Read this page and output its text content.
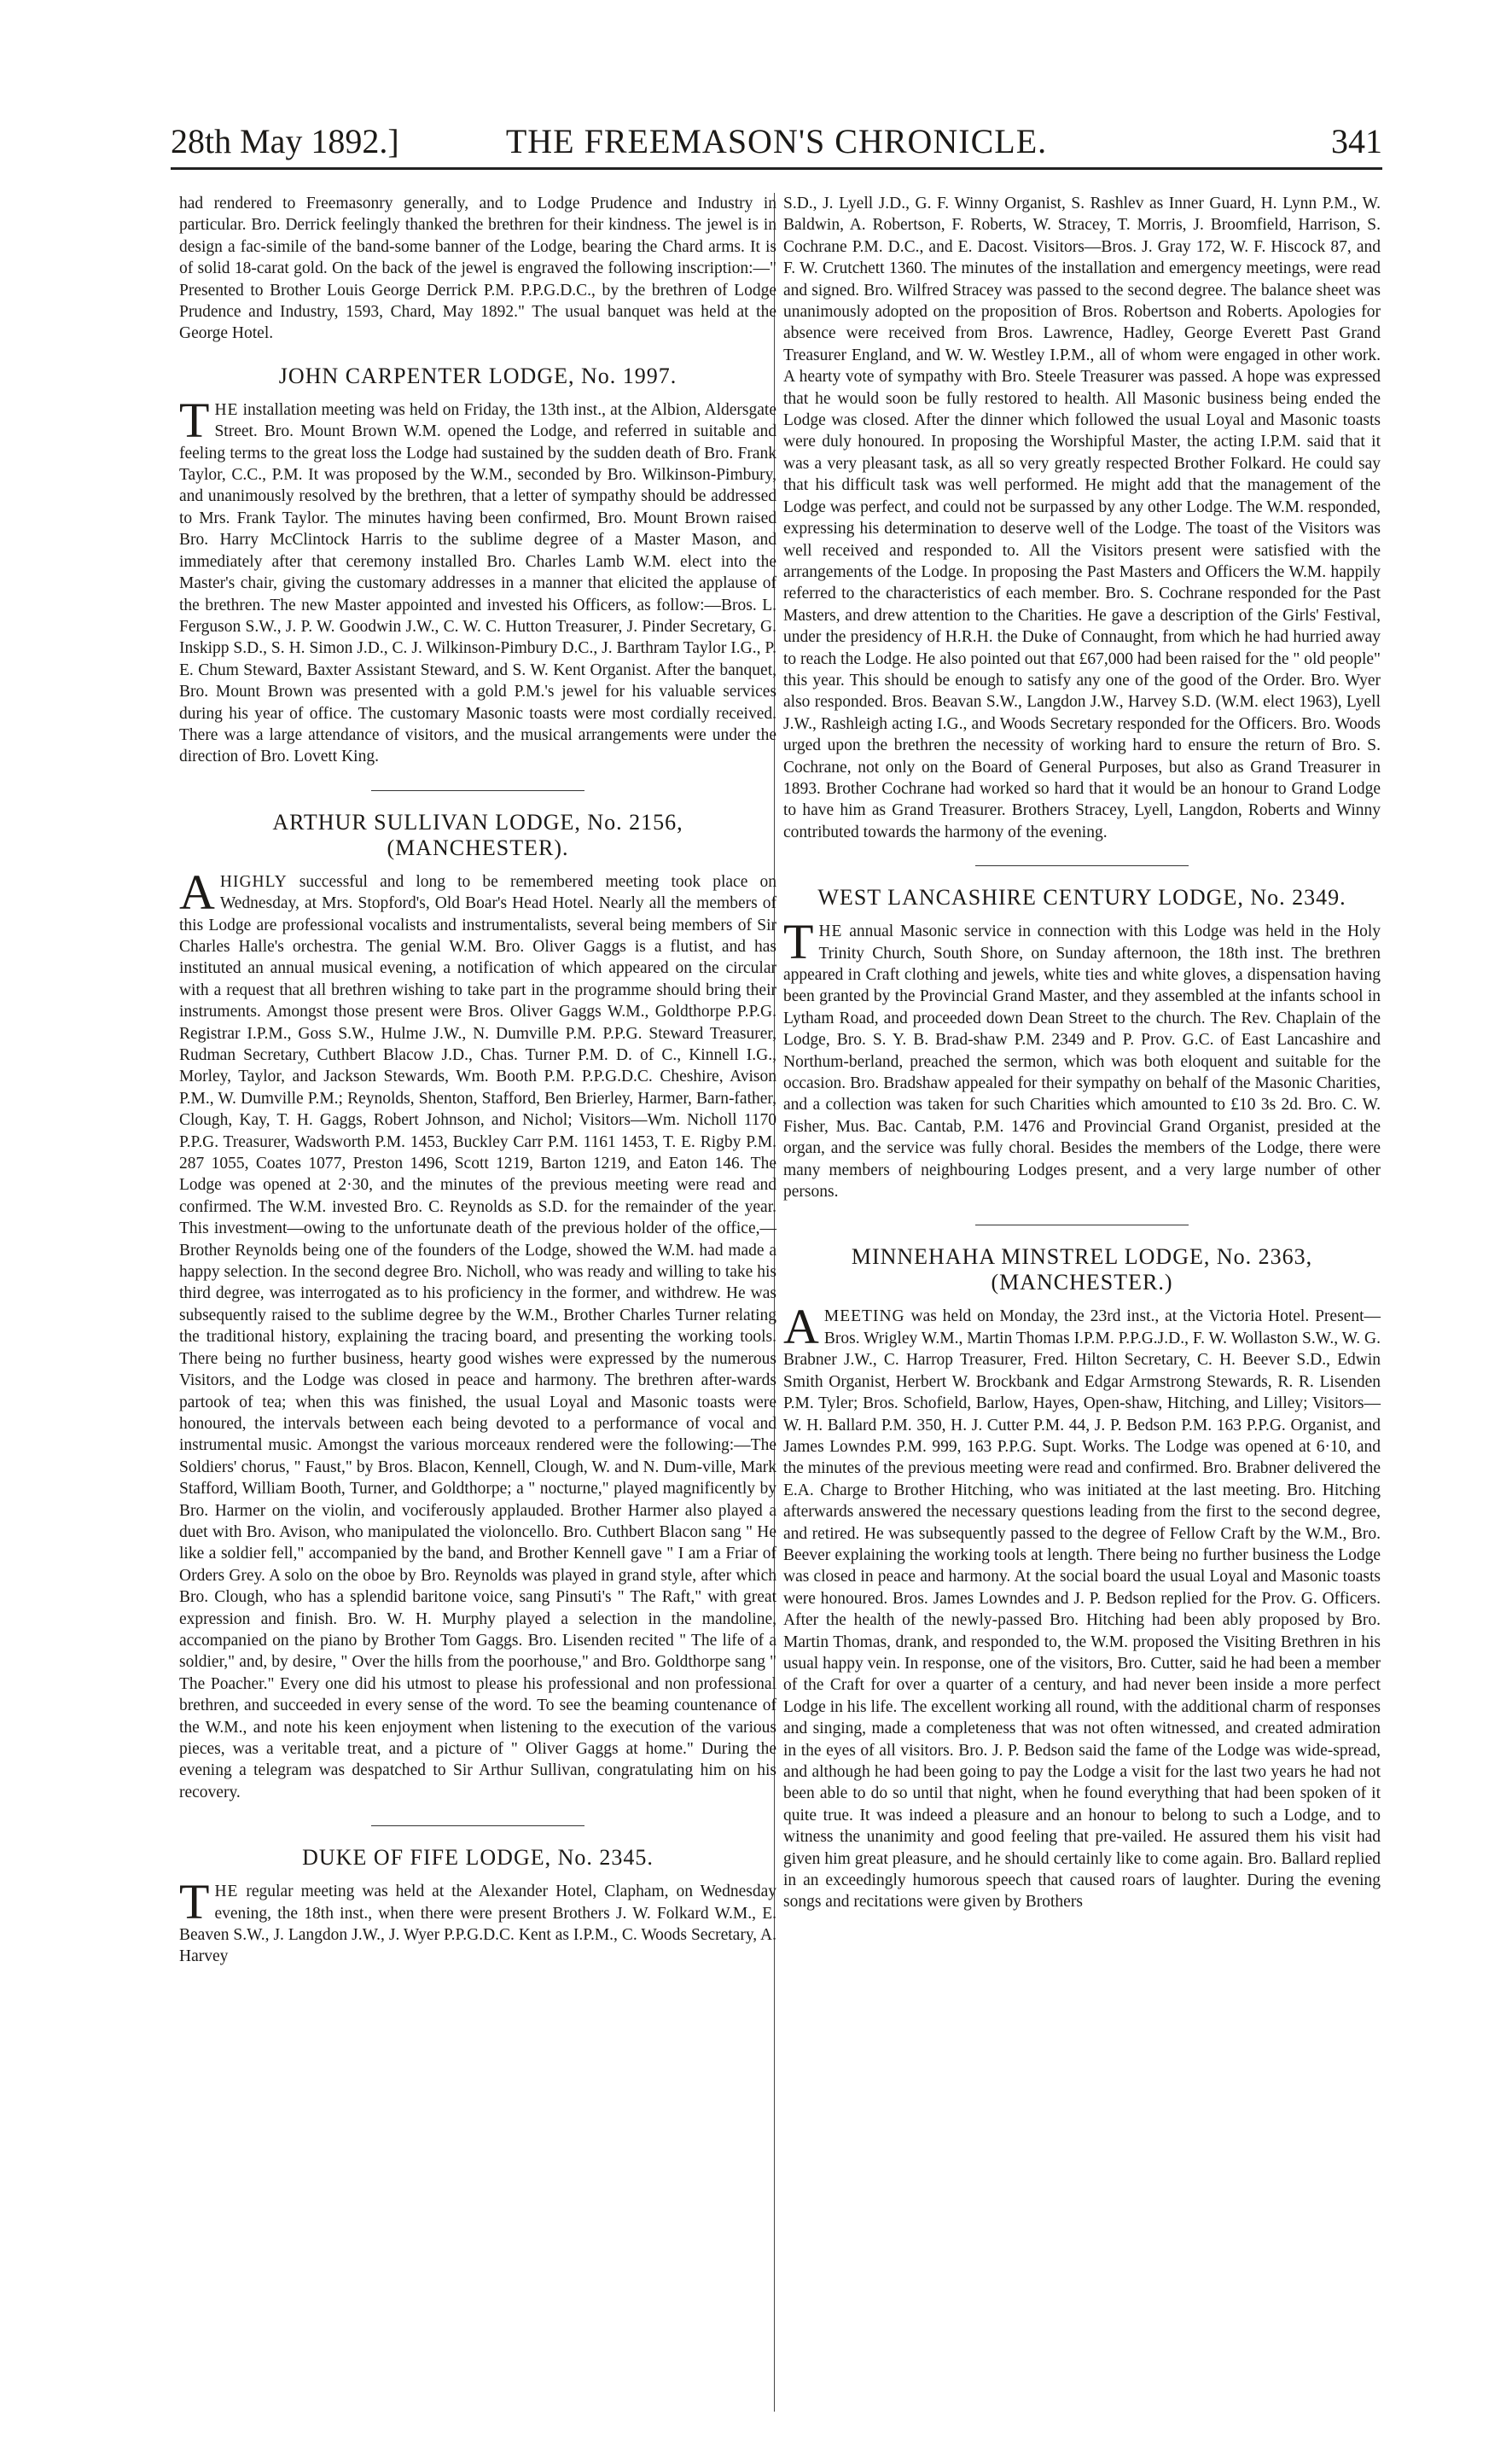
28th May 1892.]	THE FREEMASON'S CHRONICLE.	341

had rendered to Freemasonry generally, and to Lodge Prudence and Industry in particular. Bro. Derrick feelingly thanked the brethren for their kindness. The jewel is in design a fac-simile of the band-some banner of the Lodge, bearing the Chard arms. It is of solid 18-carat gold. On the back of the jewel is engraved the following inscription:—" Presented to Brother Louis George Derrick P.M. P.P.G.D.C., by the brethren of Lodge Prudence and Industry, 1593, Chard, May 1892." The usual banquet was held at the George Hotel.

JOHN CARPENTER LODGE, No. 1997.

THE installation meeting was held on Friday, the 13th inst., at the Albion, Aldersgate Street. Bro. Mount Brown W.M. opened the Lodge, and referred in suitable and feeling terms to the great loss the Lodge had sustained by the sudden death of Bro. Frank Taylor, C.C., P.M. It was proposed by the W.M., seconded by Bro. Wilkinson-Pimbury, and unanimously resolved by the brethren, that a letter of sympathy should be addressed to Mrs. Frank Taylor. The minutes having been confirmed, Bro. Mount Brown raised Bro. Harry McClintock Harris to the sublime degree of a Master Mason, and immediately after that ceremony installed Bro. Charles Lamb W.M. elect into the Master's chair, giving the customary addresses in a manner that elicited the applause of the brethren. The new Master appointed and invested his Officers, as follow:—Bros. L. Ferguson S.W., J. P. W. Goodwin J.W., C. W. C. Hutton Treasurer, J. Pinder Secretary, G. Inskipp S.D., S. H. Simon J.D., C. J. Wilkinson-Pimbury D.C., J. Barthram Taylor I.G., P. E. Chum Steward, Baxter Assistant Steward, and S. W. Kent Organist. After the banquet, Bro. Mount Brown was presented with a gold P.M.'s jewel for his valuable services during his year of office. The customary Masonic toasts were most cordially received. There was a large attendance of visitors, and the musical arrangements were under the direction of Bro. Lovett King.

ARTHUR SULLIVAN LODGE, No. 2156,
(MANCHESTER).

AHIGHLY successful and long to be remembered meeting took place on Wednesday, at Mrs. Stopford's, Old Boar's Head Hotel. Nearly all the members of this Lodge are professional vocalists and instrumentalists, several being members of Sir Charles Halle's orchestra. The genial W.M. Bro. Oliver Gaggs is a flutist, and has instituted an annual musical evening, a notification of which appeared on the circular with a request that all brethren wishing to take part in the programme should bring their instruments. Amongst those present were Bros. Oliver Gaggs W.M., Goldthorpe P.P.G. Registrar I.P.M., Goss S.W., Hulme J.W., N. Dumville P.M. P.P.G. Steward Treasurer, Rudman Secretary, Cuthbert Blacow J.D., Chas. Turner P.M. D. of C., Kinnell I.G., Morley, Taylor, and Jackson Stewards, Wm. Booth P.M. P.P.G.D.C. Cheshire, Avison P.M., W. Dumville P.M.; Reynolds, Shenton, Stafford, Ben Brierley, Harmer, Barn-father, Clough, Kay, T. H. Gaggs, Robert Johnson, and Nichol; Visitors—Wm. Nicholl 1170 P.P.G. Treasurer, Wadsworth P.M. 1453, Buckley Carr P.M. 1161 1453, T. E. Rigby P.M. 287 1055, Coates 1077, Preston 1496, Scott 1219, Barton 1219, and Eaton 146. The Lodge was opened at 2·30, and the minutes of the previous meeting were read and confirmed. The W.M. invested Bro. C. Reynolds as S.D. for the remainder of the year. This investment—owing to the unfortunate death of the previous holder of the office,—Brother Reynolds being one of the founders of the Lodge, showed the W.M. had made a happy selection. In the second degree Bro. Nicholl, who was ready and willing to take his third degree, was interrogated as to his proficiency in the former, and withdrew. He was subsequently raised to the sublime degree by the W.M., Brother Charles Turner relating the traditional history, explaining the tracing board, and presenting the working tools. There being no further business, hearty good wishes were expressed by the numerous Visitors, and the Lodge was closed in peace and harmony. The brethren after-wards partook of tea; when this was finished, the usual Loyal and Masonic toasts were honoured, the intervals between each being devoted to a performance of vocal and instrumental music. Amongst the various morceaux rendered were the following:—The Soldiers' chorus, " Faust," by Bros. Blacon, Kennell, Clough, W. and N. Dum-ville, Mark Stafford, William Booth, Turner, and Goldthorpe; a " nocturne," played magnificently by Bro. Harmer on the violin, and vociferously applauded. Brother Harmer also played a duet with Bro. Avison, who manipulated the violoncello. Bro. Cuthbert Blacon sang " He like a soldier fell," accompanied by the band, and Brother Kennell gave " I am a Friar of Orders Grey. A solo on the oboe by Bro. Reynolds was played in grand style, after which Bro. Clough, who has a splendid baritone voice, sang Pinsuti's " The Raft," with great expression and finish. Bro. W. H. Murphy played a selection in the mandoline, accompanied on the piano by Brother Tom Gaggs. Bro. Lisenden recited " The life of a soldier," and, by desire, " Over the hills from the poorhouse," and Bro. Goldthorpe sang " The Poacher." Every one did his utmost to please his professional and non professional brethren, and succeeded in every sense of the word. To see the beaming countenance of the W.M., and note his keen enjoyment when listening to the execution of the various pieces, was a veritable treat, and a picture of " Oliver Gaggs at home." During the evening a telegram was despatched to Sir Arthur Sullivan, congratulating him on his recovery.

DUKE OF FIFE LODGE, No. 2345.

THE regular meeting was held at the Alexander Hotel, Clapham, on Wednesday evening, the 18th inst., when there were present Brothers J. W. Folkard W.M., E. Beaven S.W., J. Langdon J.W., J. Wyer P.P.G.D.C. Kent as I.P.M., C. Woods Secretary, A. Harvey

S.D., J. Lyell J.D., G. F. Winny Organist, S. Rashlev as Inner Guard, H. Lynn P.M., W. Baldwin, A. Robertson, F. Roberts, W. Stracey, T. Morris, J. Broomfield, Harrison, S. Cochrane P.M. D.C., and E. Dacost. Visitors—Bros. J. Gray 172, W. F. Hiscock 87, and F. W. Crutchett 1360. The minutes of the installation and emergency meetings, were read and signed. Bro. Wilfred Stracey was passed to the second degree. The balance sheet was unanimously adopted on the proposition of Bros. Robertson and Roberts. Apologies for absence were received from Bros. Lawrence, Hadley, George Everett Past Grand Treasurer England, and W. W. Westley I.P.M., all of whom were engaged in other work. A hearty vote of sympathy with Bro. Steele Treasurer was passed. A hope was expressed that he would soon be fully restored to health. All Masonic business being ended the Lodge was closed. After the dinner which followed the usual Loyal and Masonic toasts were duly honoured. In proposing the Worshipful Master, the acting I.P.M. said that it was a very pleasant task, as all so very greatly respected Brother Folkard. He could say that his difficult task was well performed. He might add that the management of the Lodge was perfect, and could not be surpassed by any other Lodge. The W.M. responded, expressing his determination to deserve well of the Lodge. The toast of the Visitors was well received and responded to. All the Visitors present were satisfied with the arrangements of the Lodge. In proposing the Past Masters and Officers the W.M. happily referred to the characteristics of each member. Bro. S. Cochrane responded for the Past Masters, and drew attention to the Charities. He gave a description of the Girls' Festival, under the presidency of H.R.H. the Duke of Connaught, from which he had hurried away to reach the Lodge. He also pointed out that £67,000 had been raised for the " old people" this year. This should be enough to satisfy any one of the good of the Order. Bro. Wyer also responded. Bros. Beavan S.W., Langdon J.W., Harvey S.D. (W.M. elect 1963), Lyell J.W., Rashleigh acting I.G., and Woods Secretary responded for the Officers. Bro. Woods urged upon the brethren the necessity of working hard to ensure the return of Bro. S. Cochrane, not only on the Board of General Purposes, but also as Grand Treasurer in 1893. Brother Cochrane had worked so hard that it would be an honour to Grand Lodge to have him as Grand Treasurer. Brothers Stracey, Lyell, Langdon, Roberts and Winny contributed towards the harmony of the evening.

WEST LANCASHIRE CENTURY LODGE, No. 2349.

THE annual Masonic service in connection with this Lodge was held in the Holy Trinity Church, South Shore, on Sunday afternoon, the 18th inst. The brethren appeared in Craft clothing and jewels, white ties and white gloves, a dispensation having been granted by the Provincial Grand Master, and they assembled at the infants school in Lytham Road, and proceeded down Dean Street to the church. The Rev. Chaplain of the Lodge, Bro. S. Y. B. Brad-shaw P.M. 2349 and P. Prov. G.C. of East Lancashire and Northum-berland, preached the sermon, which was both eloquent and suitable for the occasion. Bro. Bradshaw appealed for their sympathy on behalf of the Masonic Charities, and a collection was taken for such Charities which amounted to £10 3s 2d. Bro. C. W. Fisher, Mus. Bac. Cantab, P.M. 1476 and Provincial Grand Organist, presided at the organ, and the service was fully choral. Besides the members of the Lodge, there were many members of neighbouring Lodges present, and a very large number of other persons.

MINNEHAHA MINSTREL LODGE, No. 2363,
(MANCHESTER.)

AMEETING was held on Monday, the 23rd inst., at the Victoria Hotel. Present—Bros. Wrigley W.M., Martin Thomas I.P.M. P.P.G.J.D., F. W. Wollaston S.W., W. G. Brabner J.W., C. Harrop Treasurer, Fred. Hilton Secretary, C. H. Beever S.D., Edwin Smith Organist, Herbert W. Brockbank and Edgar Armstrong Stewards, R. R. Lisenden P.M. Tyler; Bros. Schofield, Barlow, Hayes, Open-shaw, Hitching, and Lilley; Visitors—W. H. Ballard P.M. 350, H. J. Cutter P.M. 44, J. P. Bedson P.M. 163 P.P.G. Organist, and James Lowndes P.M. 999, 163 P.P.G. Supt. Works. The Lodge was opened at 6·10, and the minutes of the previous meeting were read and confirmed. Bro. Brabner delivered the E.A. Charge to Brother Hitching, who was initiated at the last meeting. Bro. Hitching afterwards answered the necessary questions leading from the first to the second degree, and retired. He was subsequently passed to the degree of Fellow Craft by the W.M., Bro. Beever explaining the working tools at length. There being no further business the Lodge was closed in peace and harmony. At the social board the usual Loyal and Masonic toasts were honoured. Bros. James Lowndes and J. P. Bedson replied for the Prov. G. Officers. After the health of the newly-passed Bro. Hitching had been ably proposed by Bro. Martin Thomas, drank, and responded to, the W.M. proposed the Visiting Brethren in his usual happy vein. In response, one of the visitors, Bro. Cutter, said he had been a member of the Craft for over a quarter of a century, and had never been inside a more perfect Lodge in his life. The excellent working all round, with the additional charm of responses and singing, made a completeness that was not often witnessed, and created admiration in the eyes of all visitors. Bro. J. P. Bedson said the fame of the Lodge was wide-spread, and although he had been going to pay the Lodge a visit for the last two years he had not been able to do so until that night, when he found everything that had been spoken of it quite true. It was indeed a pleasure and an honour to belong to such a Lodge, and to witness the unanimity and good feeling that pre-vailed. He assured them his visit had given him great pleasure, and he should certainly like to come again. Bro. Ballard replied in an exceedingly humorous speech that caused roars of laughter. During the evening songs and recitations were given by Brothers
